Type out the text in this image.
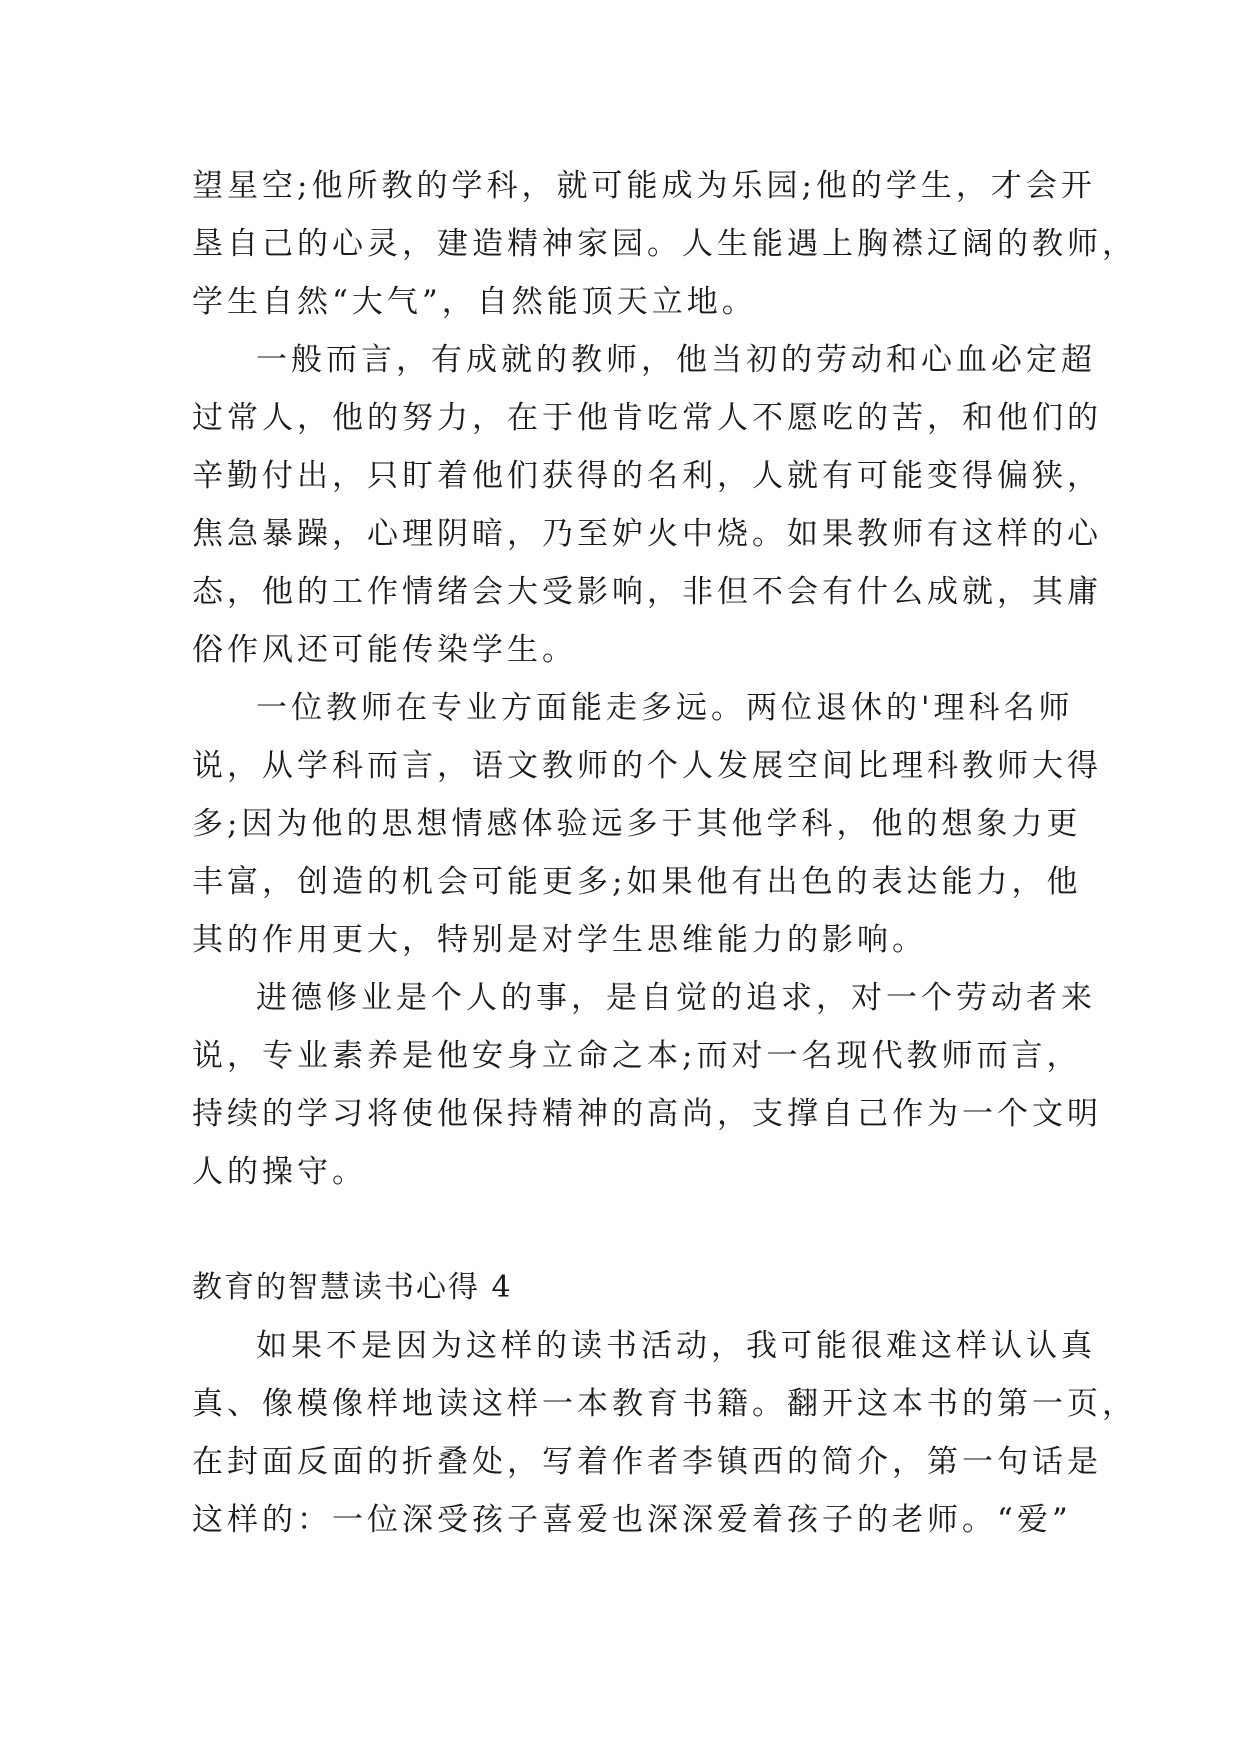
望星空;他所教的学科，就可能成为乐园;他的学生，才会开
垦自己的心灵，建造精神家园。人生能遇上胸襟辽阔的教师，
学生自然“大气”，自然能顶天立地。
一般而言，有成就的教师，他当初的劳动和心血必定超
过常人，他的努力，在于他肯吃常人不愿吃的苦，和他们的
辛勤付出，只盯着他们获得的名利，人就有可能变得偏狭，
焦急暴躁，心理阴暗，乃至妒火中烧。如果教师有这样的心
态，他的工作情绪会大受影响，非但不会有什么成就，其庸
俗作风还可能传染学生。
一位教师在专业方面能走多远。两位退休的'理科名师
说，从学科而言，语文教师的个人发展空间比理科教师大得
多;因为他的思想情感体验远多于其他学科，他的想象力更
丰富，创造的机会可能更多;如果他有出色的表达能力，他
其的作用更大，特别是对学生思维能力的影响。
进德修业是个人的事，是自觉的追求，对一个劳动者来
说，专业素养是他安身立命之本;而对一名现代教师而言，
持续的学习将使他保持精神的高尚，支撑自己作为一个文明
人的操守。
教育的智慧读书心得 4
如果不是因为这样的读书活动，我可能很难这样认认真
真、像模像样地读这样一本教育书籍。翻开这本书的第一页，
在封面反面的折叠处，写着作者李镇西的简介，第一句话是
这样的：一位深受孩子喜爱也深深爱着孩子的老师。“爱”
